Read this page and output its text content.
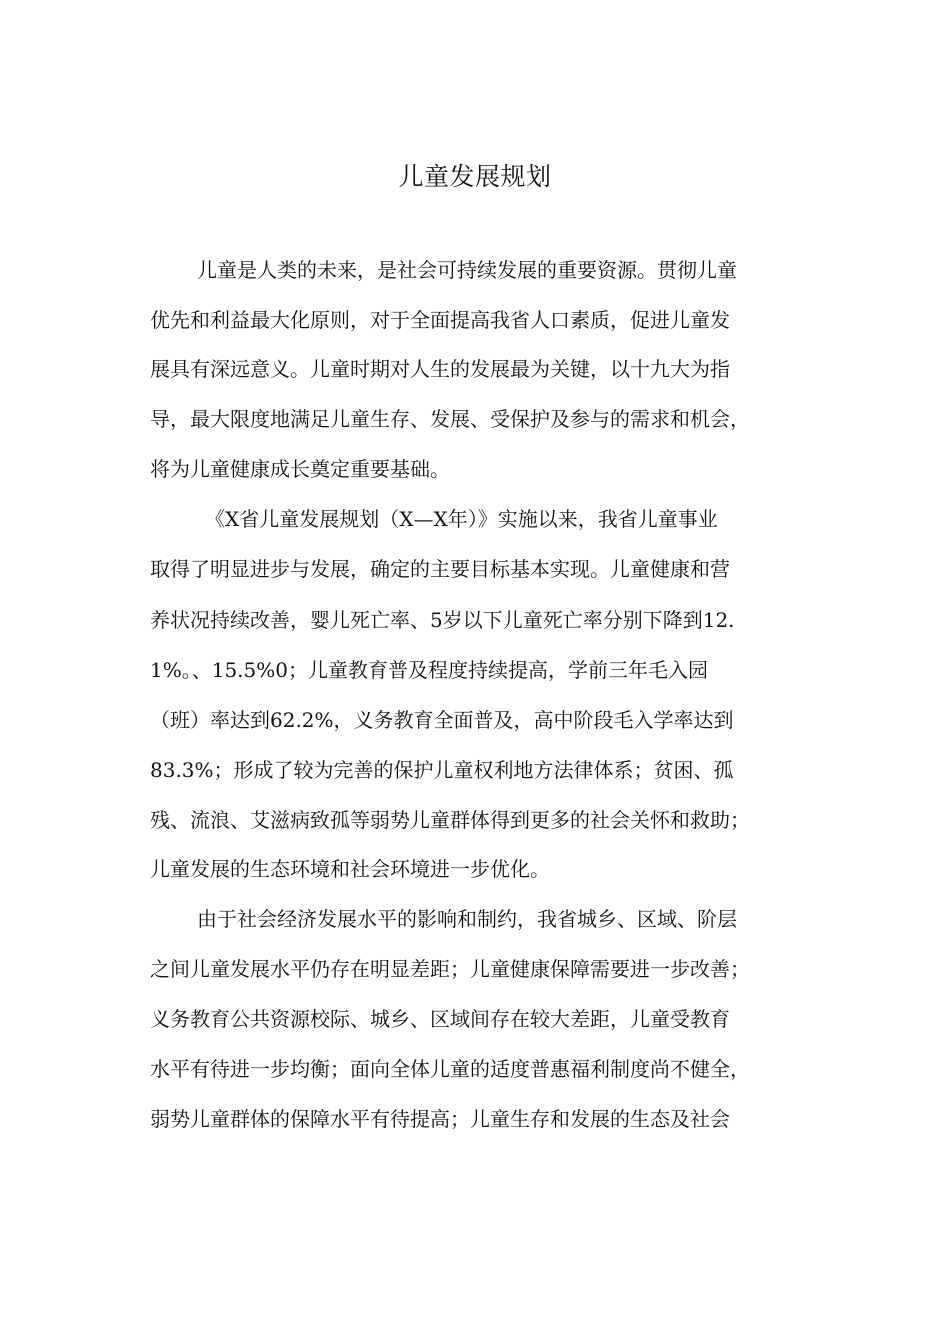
儿童发展规划
儿童是人类的未来，是社会可持续发展的重要资源。贯彻儿童
优先和利益最大化原则，对于全面提高我省人口素质，促进儿童发
展具有深远意义。儿童时期对人生的发展最为关键，以十九大为指
导，最大限度地满足儿童生存、发展、受保护及参与的需求和机会，
将为儿童健康成长奠定重要基础。
《X省儿童发展规划（X—X年）》实施以来，我省儿童事业
取得了明显进步与发展，确定的主要目标基本实现。儿童健康和营
养状况持续改善，婴儿死亡率、5岁以下儿童死亡率分别下降到12.
1%。、15.5%0；儿童教育普及程度持续提高，学前三年毛入园
（班）率达到62.2%，义务教育全面普及，高中阶段毛入学率达到
83.3%；形成了较为完善的保护儿童权利地方法律体系；贫困、孤
残、流浪、艾滋病致孤等弱势儿童群体得到更多的社会关怀和救助；
儿童发展的生态环境和社会环境进一步优化。
由于社会经济发展水平的影响和制约，我省城乡、区域、阶层
之间儿童发展水平仍存在明显差距；儿童健康保障需要进一步改善；
义务教育公共资源校际、城乡、区域间存在较大差距，儿童受教育
水平有待进一步均衡；面向全体儿童的适度普惠福利制度尚不健全，
弱势儿童群体的保障水平有待提高；儿童生存和发展的生态及社会
